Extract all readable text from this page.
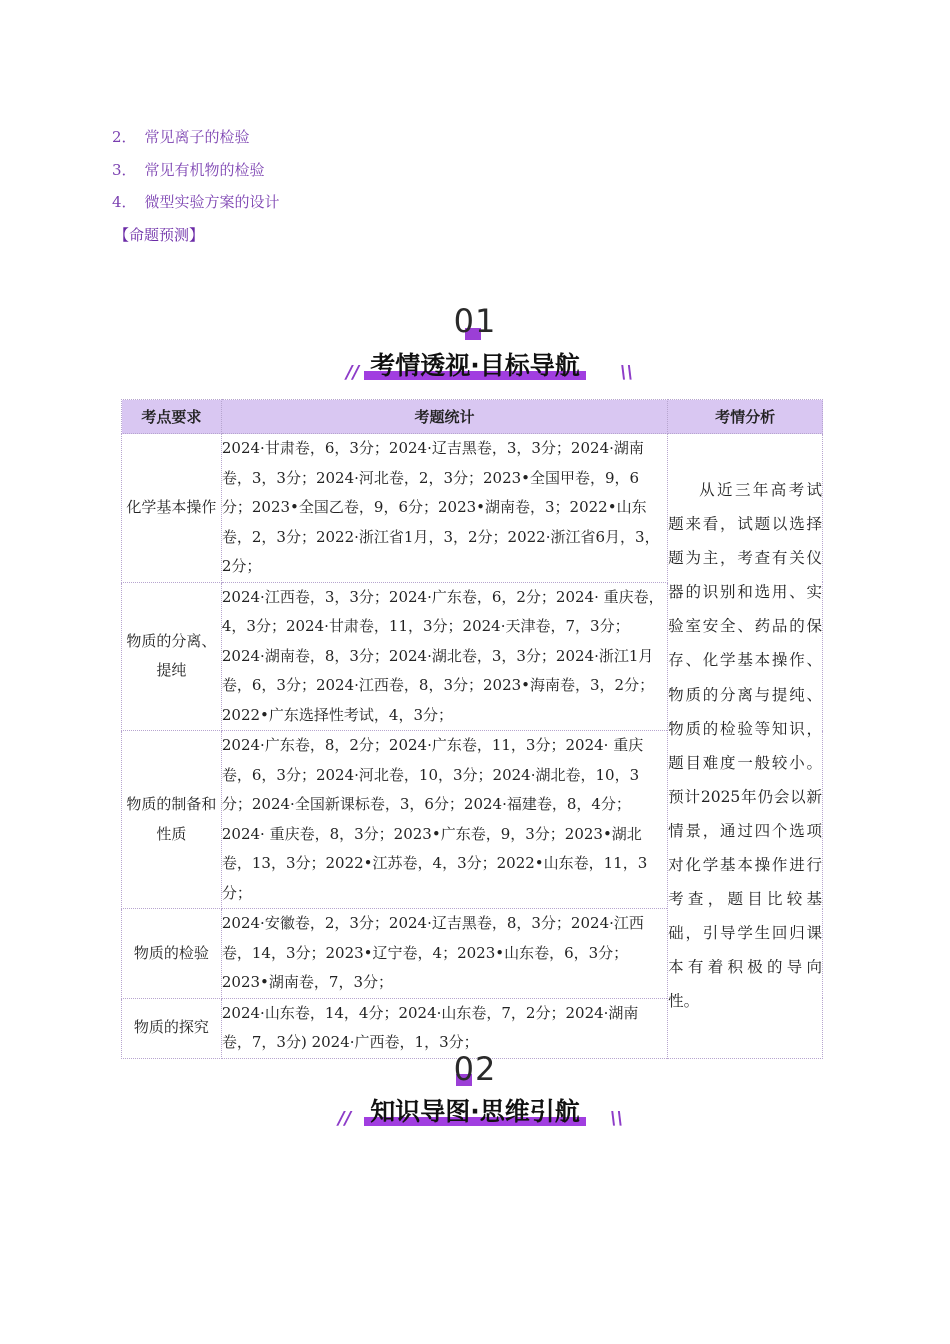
2． 常见离子的检验
3． 常见有机物的检验
4． 微型实验方案的设计
【命题预测】
01
// 考情透视·目标导航	\\
考点要求	考题统计	考情分析
化学基本操作	2024·甘肃卷，6，3分；2024·辽吉黑卷，3，3分；2024·湖南卷，3，3分；2024·河北卷，2，3分；2023•全国甲卷，9，6分；2023•全国乙卷，9，6分；2023•湖南卷，3；2022•山东卷，2，3分；2022·浙江省1月，3，2分；2022·浙江省6月，3，2分；	从近三年高考试题来看，试题以选择题为主，考查有关仪器的识别和选用、实验室安全、药品的保存、化学基本操作、物质的分离与提纯、物质的检验等知识，题目难度一般较小。预计2025年仍会以新情景，通过四个选项对化学基本操作进行考查，题目比较基础，引导学生回归课本有着积极的导向性。
物质的分离、提纯	2024·江西卷，3，3分；2024·广东卷，6，2分；2024· 重庆卷，4，3分；2024·甘肃卷，11，3分；2024·天津卷，7，3分；2024·湖南卷，8，3分；2024·湖北卷，3，3分；2024·浙江1月卷，6，3分；2024·江西卷，8，3分；2023•海南卷，3，2分；2022•广东选择性考试，4，3分；	
物质的制备和性质	2024·广东卷，8，2分；2024·广东卷，11，3分；2024· 重庆卷，6，3分；2024·河北卷，10，3分；2024·湖北卷，10，3分；2024·全国新课标卷，3，6分；2024·福建卷，8，4分；2024· 重庆卷，8，3分；2023•广东卷，9，3分；2023•湖北卷，13，3分；2022•江苏卷，4，3分；2022•山东卷，11，3分；	
物质的检验	2024·安徽卷，2，3分；2024·辽吉黑卷，8，3分；2024·江西卷，14，3分；2023•辽宁卷，4；2023•山东卷，6，3分；2023•湖南卷，7，3分；	
物质的探究	2024·山东卷，14，4分；2024·山东卷，7，2分；2024·湖南卷，7，3分) 2024·广西卷，1，3分；	
02
// 知识导图·思维引航	\\
